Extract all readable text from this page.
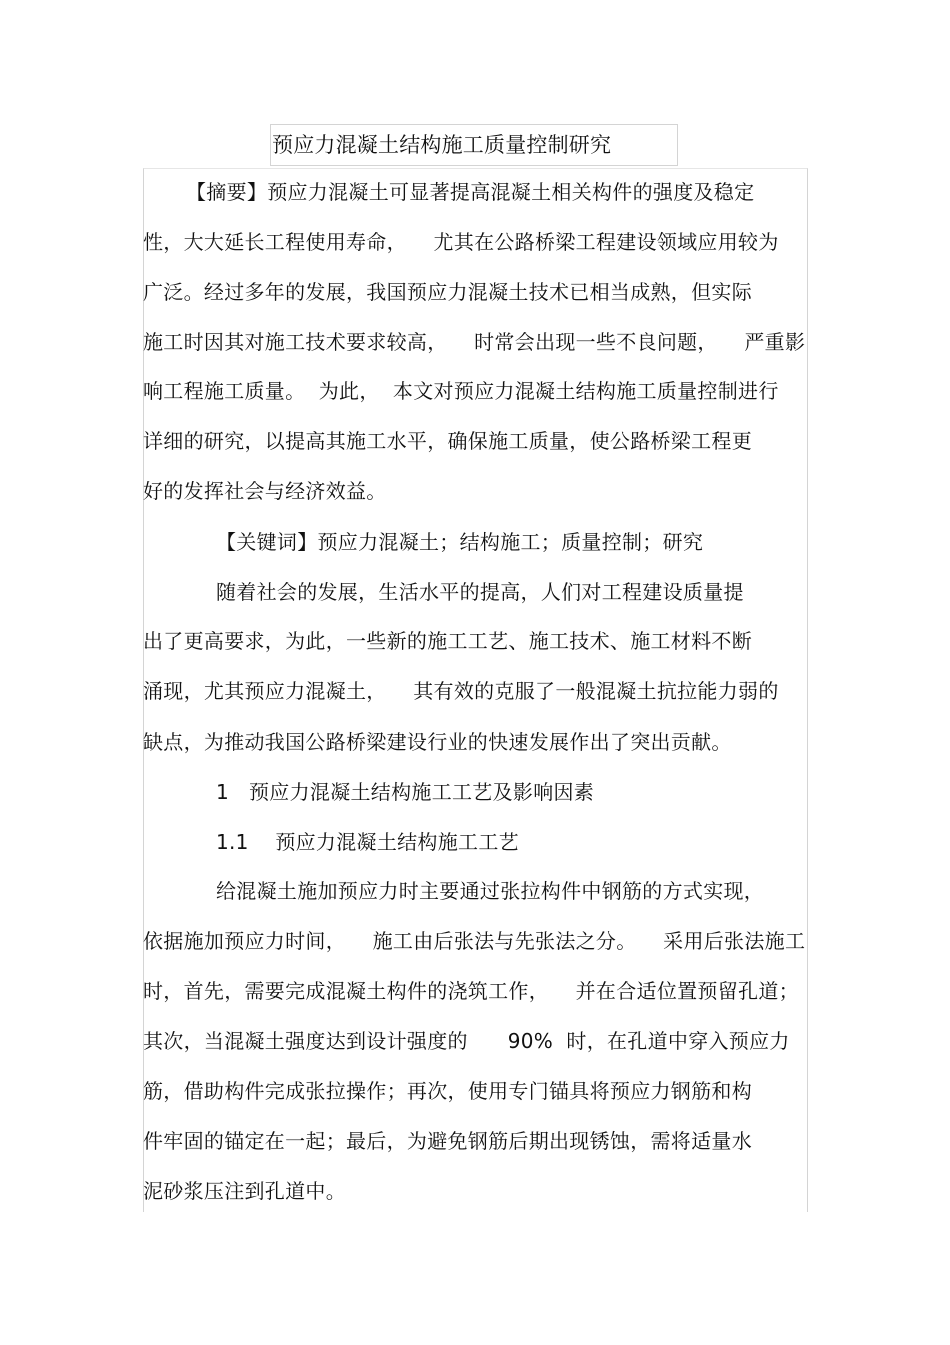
预应力混凝土结构施工质量控制研究
【摘要】预应力混凝土可显著提高混凝土相关构件的强度及稳定
性，大大延长工程使用寿命，    尤其在公路桥梁工程建设领域应用较为
广泛。经过多年的发展，我国预应力混凝土技术已相当成熟，但实际
施工时因其对施工技术要求较高，    时常会出现一些不良问题，    严重影
响工程施工质量。  为此，  本文对预应力混凝土结构施工质量控制进行
详细的研究，以提高其施工水平，确保施工质量，使公路桥梁工程更
好的发挥社会与经济效益。
【关键词】预应力混凝土；结构施工；质量控制；研究
随着社会的发展，生活水平的提高，人们对工程建设质量提
出了更高要求，为此，一些新的施工工艺、施工技术、施工材料不断
涌现，尤其预应力混凝土，    其有效的克服了一般混凝土抗拉能力弱的
缺点，为推动我国公路桥梁建设行业的快速发展作出了突出贡献。
1   预应力混凝土结构施工工艺及影响因素
1.1    预应力混凝土结构施工工艺
给混凝土施加预应力时主要通过张拉构件中钢筋的方式实现，
依据施加预应力时间，    施工由后张法与先张法之分。    采用后张法施工
时，首先，需要完成混凝土构件的浇筑工作，    并在合适位置预留孔道；
其次，当混凝土强度达到设计强度的      90%  时，在孔道中穿入预应力
筋，借助构件完成张拉操作；再次，使用专门锚具将预应力钢筋和构
件牢固的锚定在一起；最后，为避免钢筋后期出现锈蚀，需将适量水
泥砂浆压注到孔道中。
